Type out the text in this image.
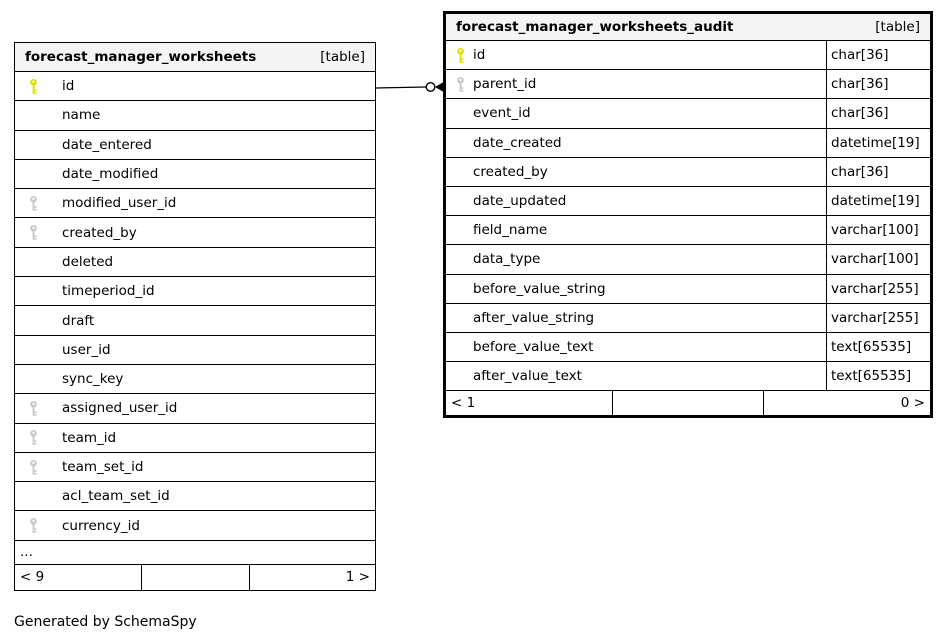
forecast_manager_worksheets	[table]
id
name
date_entered
date_modified
modified_user_id
created_by
deleted
timeperiod_id
draft
user_id
sync_key
assigned_user_id
team_id
team_set_id
acl_team_set_id
currency_id
...
< 9	1 >
forecast_manager_worksheets_audit	[table]
id	char[36]
parent_id	char[36]
event_id	char[36]
date_created	datetime[19]
created_by	char[36]
date_updated	datetime[19]
field_name	varchar[100]
data_type	varchar[100]
before_value_string	varchar[255]
after_value_string	varchar[255]
before_value_text	text[65535]
after_value_text	text[65535]
< 1	0 >
Generated by SchemaSpy
